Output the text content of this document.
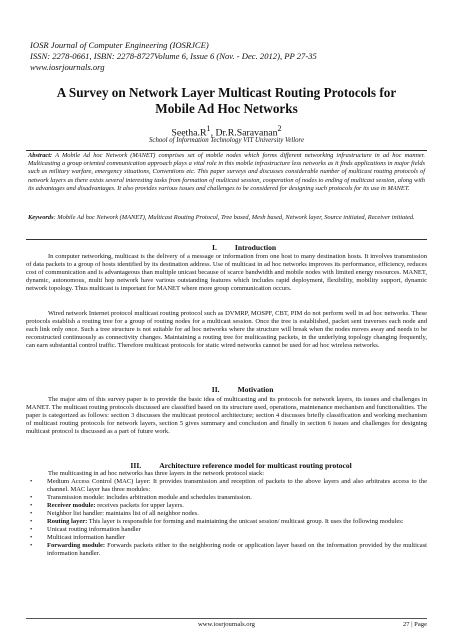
IOSR Journal of Computer Engineering (IOSRJCE)
ISSN: 2278-0661, ISBN: 2278-8727Volume 6, Issue 6 (Nov. - Dec. 2012), PP 27-35
www.iosrjournals.org
A Survey on Network Layer Multicast Routing Protocols for
Mobile Ad Hoc Networks
$Seetha.R^1$, Dr.R.Saravanan$^2$
School of Information Technology VIT University Vellore

Abstract: A Mobile Ad hoc Network (MANET) comprises set of mobile nodes which forms different networking infrastructure in ad hoc manner. Multicasting a group oriented communication approach plays a vital role in this mobile infrastructure less networks as it finds applications in major fields such as military warfare, emergency situations, Conventions etc. This paper surveys and discusses considerable number of multicast routing protocols of network layers as there exists several interesting tasks from formation of multicast session, cooperation of nodes to ending of multicast session, along with its advantages and disadvantages. It also provides various issues and challenges to be considered for designing such protocols for its use in MANET.

Keywords: Mobile Ad hoc Network (MANET), Multicast Routing Protocol, Tree based, Mesh based, Network layer, Source initiated, Receiver initiated.

I. Introduction

In computer networking, multicast is the delivery of a message or information from one host to many destination hosts. It involves transmission of data packets to a group of hosts identified by its destination address. Use of multicast in ad hoc networks improves its performance, efficiency, reduces cost of communication and is advantageous than multiple unicast because of scarce bandwidth and mobile nodes with limited energy resources. MANET, dynamic, autonomous, multi hop network have various outstanding features which includes rapid deployment, flexibility, mobility support, dynamic network topology. Thus multicast is important for MANET where more group communication occurs.

Wired network Internet protocol multicast routing protocol such as DVMRP, MOSPF, CBT, PIM do not perform well in ad hoc networks. These protocols establish a routing tree for a group of routing nodes for a multicast session. Once the tree is established, packet sent traverses each node and each link only once. Such a tree structure is not suitable for ad hoc networks where the structure will break when the nodes moves away and needs to be reconstructed continuously as connectivity changes. Maintaining a routing tree for multicasting packets, in the underlying topology changing frequently, can earn substantial control traffic. Therefore multicast protocols for static wired networks cannot be used for ad hoc wireless networks.

II. Motivation

The major aim of this survey paper is to provide the basic idea of multicasting and its protocols for network layers, its issues and challenges in MANET. The multicast routing protocols discussed are classified based on its structure used, operations, maintenance mechanism and functionalities. The paper is categorized as follows: section 3 discusses the multicast protocol architecture; section 4 discusses briefly classification and working mechanism of multicast routing protocols for network layers, section 5 gives summary and conclusion and finally in section 6 issues and challenges for designing multicast protocol is discussed as a part of future work.

III. Architecture reference model for multicast routing protocol
The multicasting in ad hoc networks has three layers in the network protocol stack:
• Medium Access Control (MAC) layer: It provides transmission and reception of packets to the above layers and also arbitrates access to the channel. MAC layer has three modules:
• Transmission module: includes arbitration module and schedules transmission.
• Receiver module: receives packets for upper layers.
• Neighbor list handler: maintains list of all neighbor nodes.
• Routing layer: This layer is responsible for forming and maintaining the unicast session/ multicast group. It uses the following modules:
• Unicast routing information handler
• Multicast information handler
• Forwarding module: Forwards packets either to the neighboring node or application layer based on the information provided by the multicast information handler.
www.iosrjournals.org	27 | Page
